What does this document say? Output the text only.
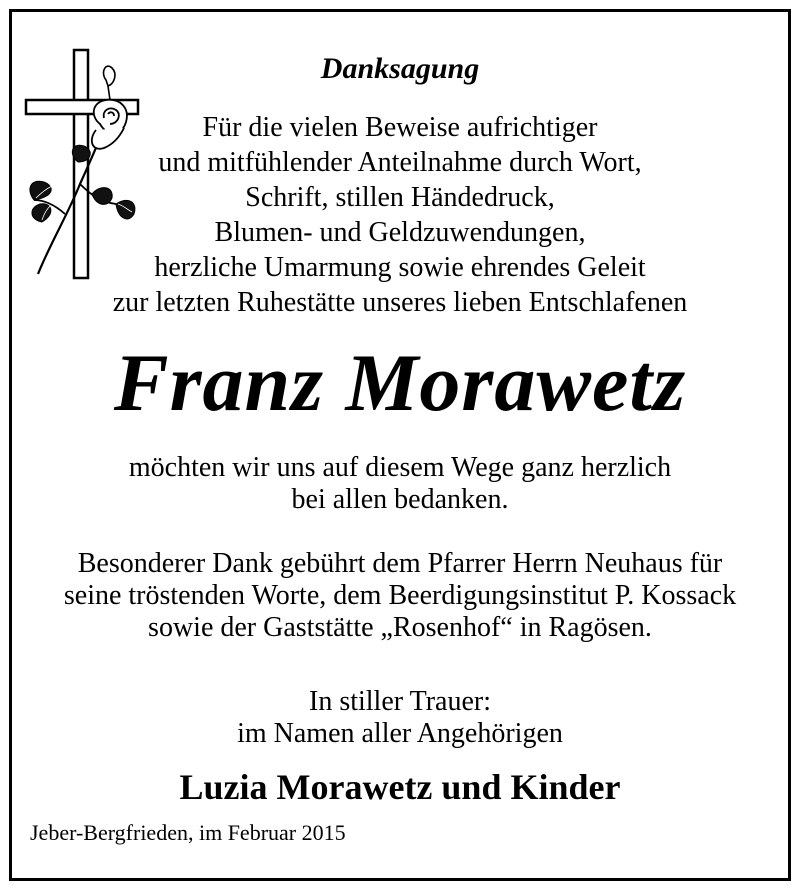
Danksagung
Für die vielen Beweise aufrichtiger
und mitfühlender Anteilnahme durch Wort,
Schrift, stillen Händedruck,
Blumen- und Geldzuwendungen,
herzliche Umarmung sowie ehrendes Geleit
zur letzten Ruhestätte unseres lieben Entschlafenen
Franz Morawetz
möchten wir uns auf diesem Wege ganz herzlich
bei allen bedanken.
Besonderer Dank gebührt dem Pfarrer Herrn Neuhaus für
seine tröstenden Worte, dem Beerdigungsinstitut P. Kossack
sowie der Gaststätte „Rosenhof“ in Ragösen.
In stiller Trauer:
im Namen aller Angehörigen
Luzia Morawetz und Kinder
Jeber-Bergfrieden, im Februar 2015
